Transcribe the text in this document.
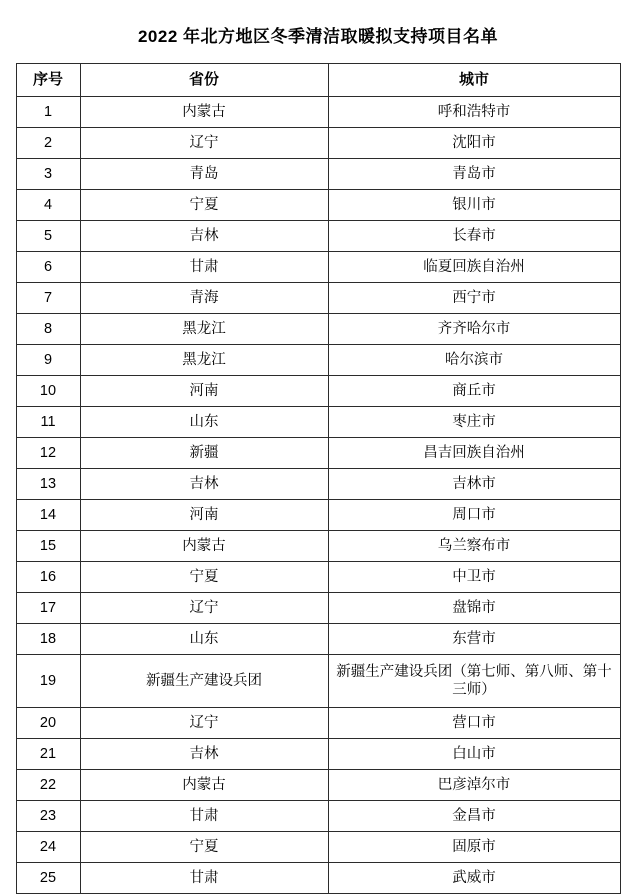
2022 年北方地区冬季清洁取暖拟支持项目名单
序号	省份	城市
1	内蒙古	呼和浩特市
2	辽宁	沈阳市
3	青岛	青岛市
4	宁夏	银川市
5	吉林	长春市
6	甘肃	临夏回族自治州
7	青海	西宁市
8	黑龙江	齐齐哈尔市
9	黑龙江	哈尔滨市
10	河南	商丘市
11	山东	枣庄市
12	新疆	昌吉回族自治州
13	吉林	吉林市
14	河南	周口市
15	内蒙古	乌兰察布市
16	宁夏	中卫市
17	辽宁	盘锦市
18	山东	东营市
19	新疆生产建设兵团	新疆生产建设兵团（第七师、第八师、第十三师）
20	辽宁	营口市
21	吉林	白山市
22	内蒙古	巴彦淖尔市
23	甘肃	金昌市
24	宁夏	固原市
25	甘肃	武威市
